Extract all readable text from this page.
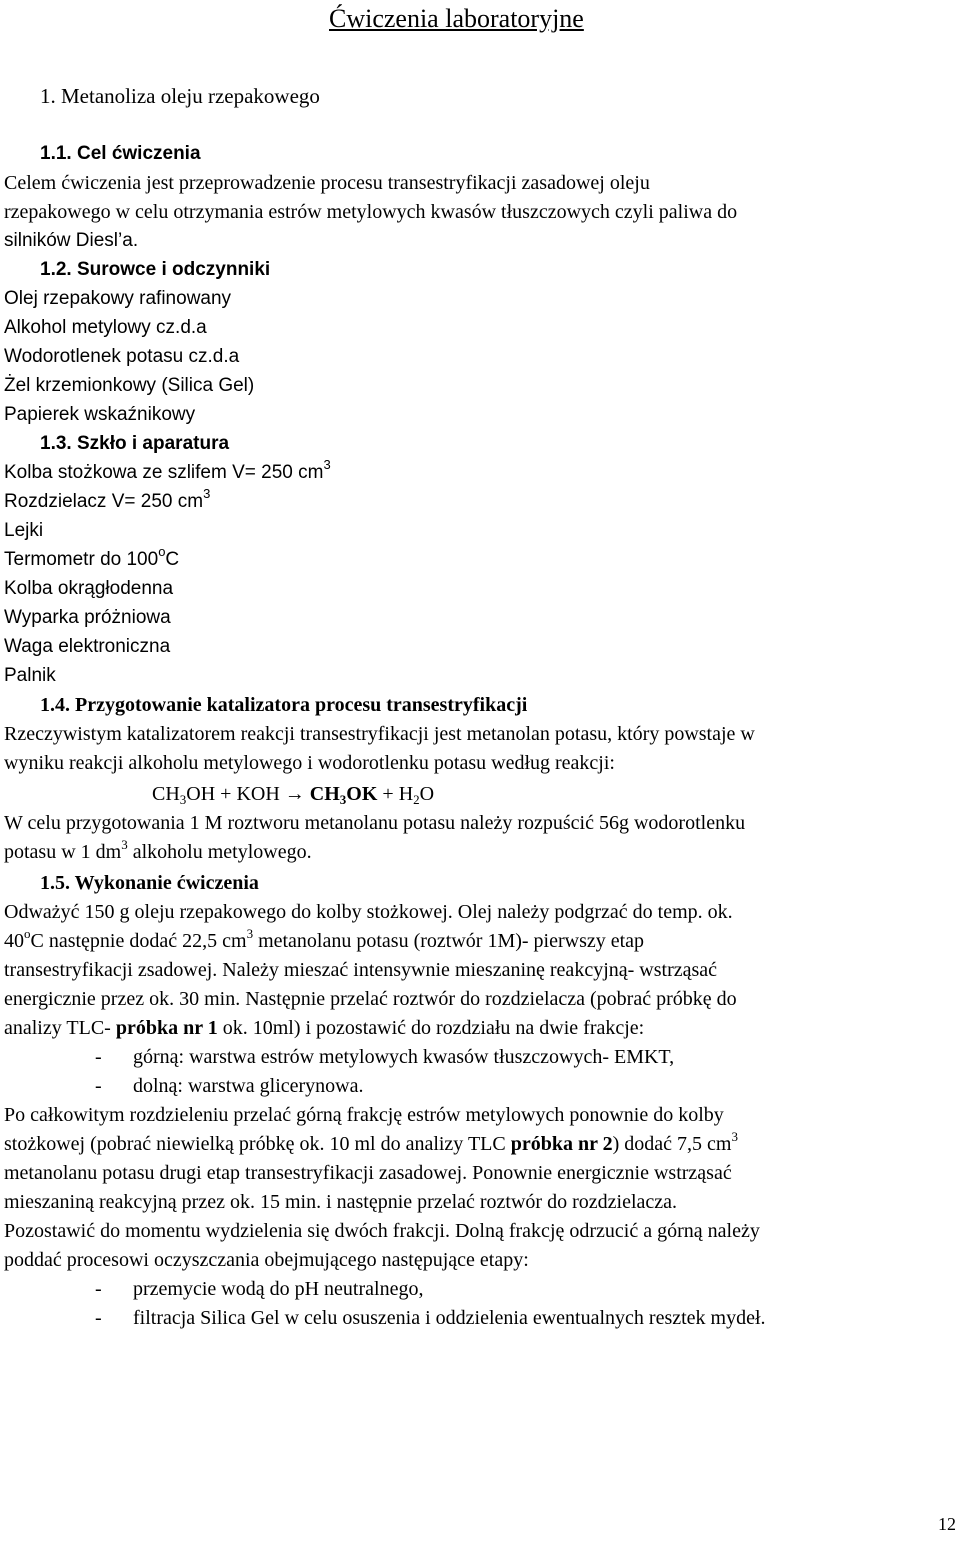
Ćwiczenia laboratoryjne
1. Metanoliza oleju rzepakowego
1.1. Cel ćwiczenia
Celem ćwiczenia jest przeprowadzenie procesu transestryfikacji zasadowej oleju
rzepakowego w celu otrzymania estrów metylowych kwasów tłuszczowych czyli paliwa do
silników Diesl’a.
1.2. Surowce i odczynniki
Olej rzepakowy rafinowany
Alkohol metylowy cz.d.a
Wodorotlenek potasu cz.d.a
Żel krzemionkowy (Silica Gel)
Papierek wskaźnikowy
1.3. Szkło i aparatura
Kolba stożkowa ze szlifem V= 250 $cm^3$
Rozdzielacz V= 250 $cm^3$
Lejki
Termometr do 100$^o$C
Kolba okrągłodenna
Wyparka próżniowa
Waga elektroniczna
Palnik
1.4. Przygotowanie katalizatora procesu transestryfikacji
Rzeczywistym katalizatorem reakcji transestryfikacji jest metanolan potasu, który powstaje w
wyniku reakcji alkoholu metylowego i wodorotlenku potasu według reakcji:
$CH_3OH$ + KOH → $CH_3OK + H_2O$
W celu przygotowania 1 M roztworu metanolanu potasu należy rozpuścić 56g wodorotlenku
potasu w 1 $dm^3$ alkoholu metylowego.
1.5. Wykonanie ćwiczenia
Odważyć 150 g oleju rzepakowego do kolby stożkowej. Olej należy podgrzać do temp. ok.
40$^o$C następnie dodać 22,5 $cm^3$ metanolanu potasu (roztwór 1M)- pierwszy etap
transestryfikacji zsadowej. Należy mieszać intensywnie mieszaninę reakcyjną- wstrząsać
energicznie przez ok. 30 min. Następnie przelać roztwór do rozdzielacza (pobrać próbkę do
analizy TLC- próbka nr 1 ok. 10ml) i pozostawić do rozdziału na dwie frakcje:
- górną: warstwa estrów metylowych kwasów tłuszczowych- EMKT,
- dolną: warstwa glicerynowa.
Po całkowitym rozdzieleniu przelać górną frakcję estrów metylowych ponownie do kolby
stożkowej (pobrać niewielką próbkę ok. 10 ml do analizy TLC próbka nr 2) dodać 7,5 $cm^3$
metanolanu potasu drugi etap transestryfikacji zasadowej. Ponownie energicznie wstrząsać
mieszaniną reakcyjną przez ok. 15 min. i następnie przelać roztwór do rozdzielacza.
Pozostawić do momentu wydzielenia się dwóch frakcji. Dolną frakcję odrzucić a górną należy
poddać procesowi oczyszczania obejmującego następujące etapy:
- przemycie wodą do pH neutralnego,
- filtracja Silica Gel w celu osuszenia i oddzielenia ewentualnych resztek mydeł.
12
